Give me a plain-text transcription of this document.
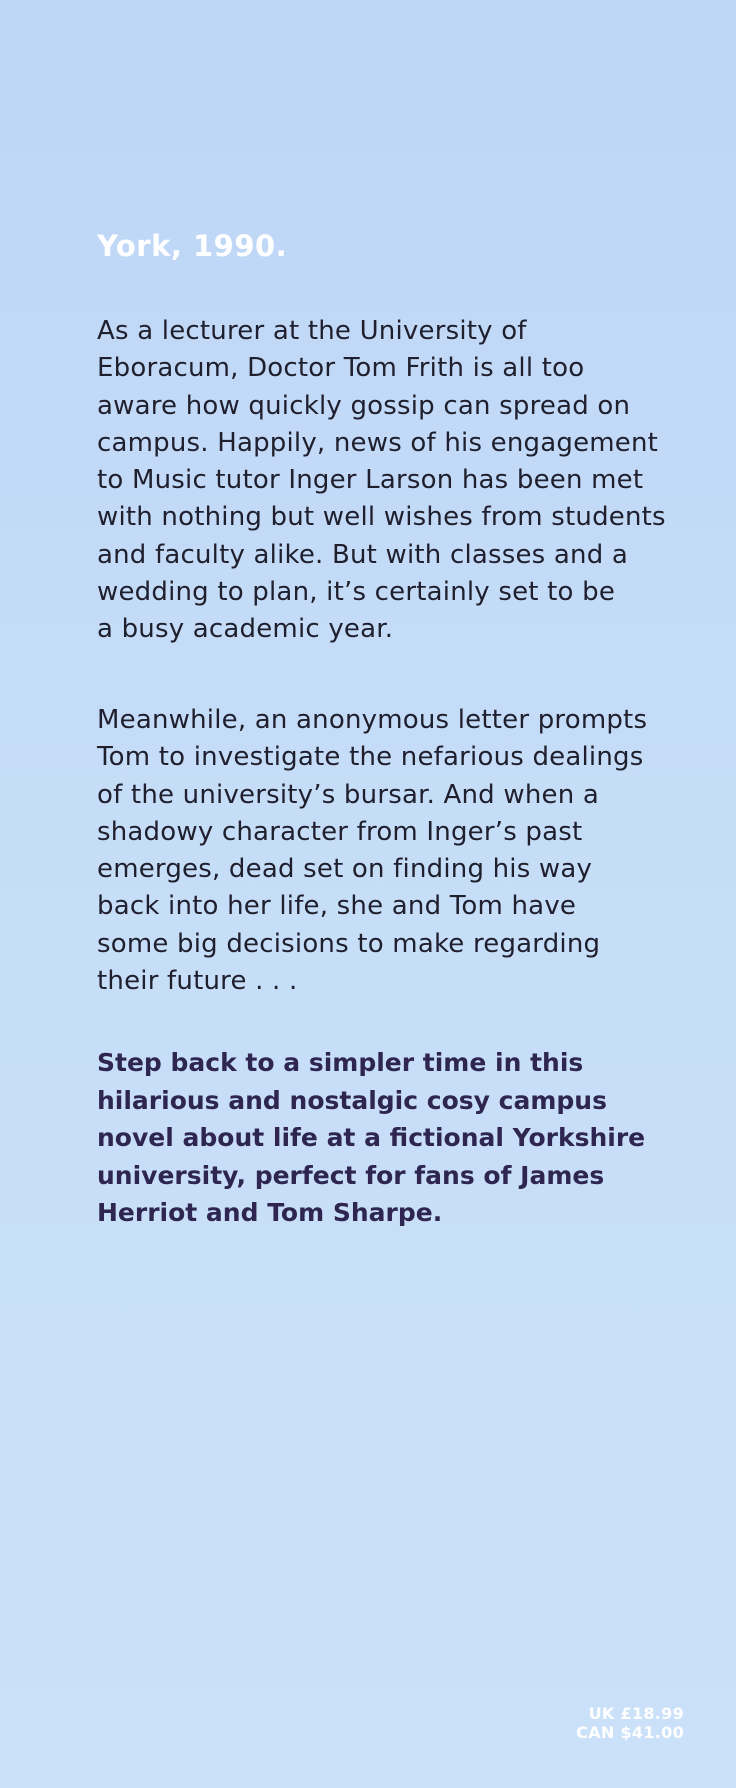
York, 1990.

As a lecturer at the University of
Eboracum, Doctor Tom Frith is all too
aware how quickly gossip can spread on
campus. Happily, news of his engagement
to Music tutor Inger Larson has been met
with nothing but well wishes from students
and faculty alike. But with classes and a
wedding to plan, it’s certainly set to be
a busy academic year.

Meanwhile, an anonymous letter prompts
Tom to investigate the nefarious dealings
of the university’s bursar. And when a
shadowy character from Inger’s past
emerges, dead set on finding his way
back into her life, she and Tom have
some big decisions to make regarding
their future . . .

Step back to a simpler time in this
hilarious and nostalgic cosy campus
novel about life at a fictional Yorkshire
university, perfect for fans of James
Herriot and Tom Sharpe.

UK £18.99
CAN $41.00
